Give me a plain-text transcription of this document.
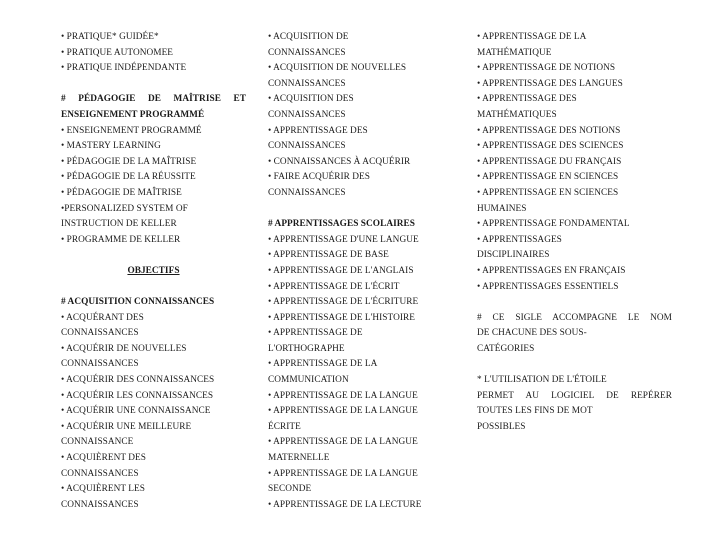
• PRATIQUE* GUIDÉE*
• PRATIQUE AUTONOMEE
• PRATIQUE INDÉPENDANTE
# PÉDAGOGIE DE MAÎTRISE ET
ENSEIGNEMENT PROGRAMMÉ
• ENSEIGNEMENT PROGRAMMÉ
• MASTERY LEARNING
• PÉDAGOGIE DE LA MAÎTRISE
• PÉDAGOGIE DE LA RÉUSSITE
• PÉDAGOGIE DE MAÎTRISE
•PERSONALIZED SYSTEM OF
INSTRUCTION DE KELLER
• PROGRAMME DE KELLER
OBJECTIFS
# ACQUISITION CONNAISSANCES
• ACQUÉRANT DES
CONNAISSANCES
• ACQUÉRIR DE NOUVELLES
CONNAISSANCES
• ACQUÉRIR DES CONNAISSANCES
• ACQUÉRIR LES CONNAISSANCES
• ACQUÉRIR UNE CONNAISSANCE
• ACQUÉRIR UNE MEILLEURE
CONNAISSANCE
• ACQUIÈRENT DES
CONNAISSANCES
• ACQUIÈRENT LES
CONNAISSANCES
• ACQUISITION DE
CONNAISSANCES
• ACQUISITION DE NOUVELLES
CONNAISSANCES
• ACQUISITION DES
CONNAISSANCES
• APPRENTISSAGE DES
CONNAISSANCES
• CONNAISSANCES À ACQUÉRIR
• FAIRE ACQUÉRIR DES
CONNAISSANCES
# APPRENTISSAGES SCOLAIRES
• APPRENTISSAGE D'UNE LANGUE
• APPRENTISSAGE DE BASE
• APPRENTISSAGE DE L'ANGLAIS
• APPRENTISSAGE DE L'ÉCRIT
• APPRENTISSAGE DE L'ÉCRITURE
• APPRENTISSAGE DE L'HISTOIRE
• APPRENTISSAGE DE
L'ORTHOGRAPHE
• APPRENTISSAGE DE LA
COMMUNICATION
• APPRENTISSAGE DE LA LANGUE
• APPRENTISSAGE DE LA LANGUE
ÉCRITE
• APPRENTISSAGE DE LA LANGUE
MATERNELLE
• APPRENTISSAGE DE LA LANGUE
SECONDE
• APPRENTISSAGE DE LA LECTURE
• APPRENTISSAGE DE LA
MATHÉMATIQUE
• APPRENTISSAGE DE NOTIONS
• APPRENTISSAGE DES LANGUES
• APPRENTISSAGE DES
MATHÉMATIQUES
• APPRENTISSAGE DES NOTIONS
• APPRENTISSAGE DES SCIENCES
• APPRENTISSAGE DU FRANÇAIS
• APPRENTISSAGE EN SCIENCES
• APPRENTISSAGE EN SCIENCES
HUMAINES
• APPRENTISSAGE FONDAMENTAL
• APPRENTISSAGES
DISCIPLINAIRES
• APPRENTISSAGES EN FRANÇAIS
• APPRENTISSAGES ESSENTIELS
# CE SIGLE ACCOMPAGNE LE NOM
DE CHACUNE DES SOUS-
CATÉGORIES
* L'UTILISATION DE L'ÉTOILE
PERMET AU LOGICIEL DE REPÉRER
TOUTES LES FINS DE MOT
POSSIBLES
